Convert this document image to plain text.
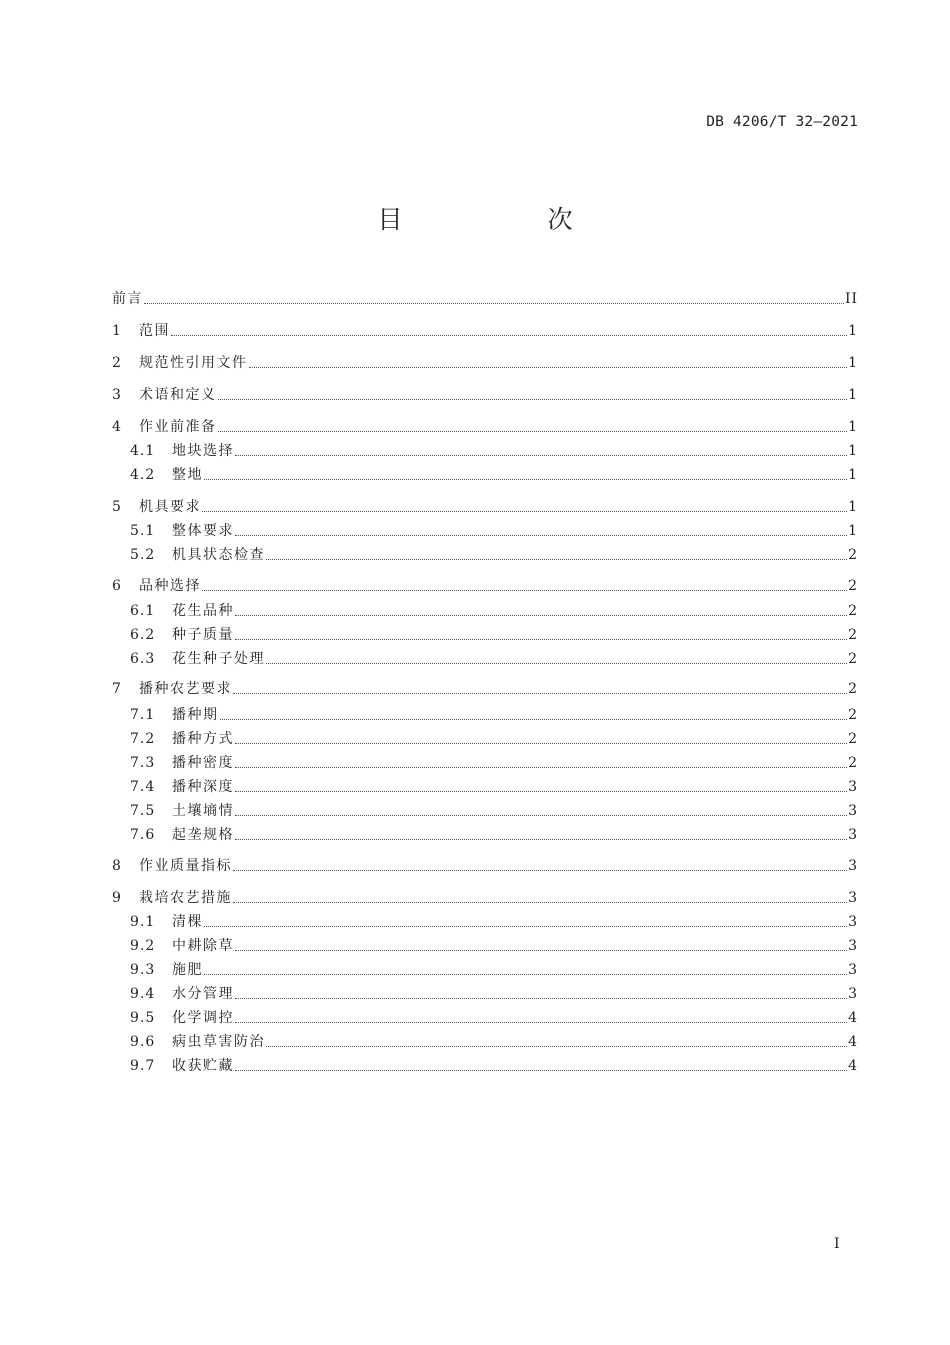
DB 4206/T 32—2021
目　次
前言	II
1	范围	1
2	规范性引用文件	1
3	术语和定义	1
4	作业前准备	1
4.1	地块选择	1
4.2	整地	1
5	机具要求	1
5.1	整体要求	1
5.2	机具状态检查	2
6	品种选择	2
6.1	花生品种	2
6.2	种子质量	2
6.3	花生种子处理	2
7	播种农艺要求	2
7.1	播种期	2
7.2	播种方式	2
7.3	播种密度	2
7.4	播种深度	3
7.5	土壤墒情	3
7.6	起垄规格	3
8	作业质量指标	3
9	栽培农艺措施	3
9.1	清棵	3
9.2	中耕除草	3
9.3	施肥	3
9.4	水分管理	3
9.5	化学调控	4
9.6	病虫草害防治	4
9.7	收获贮藏	4
I
